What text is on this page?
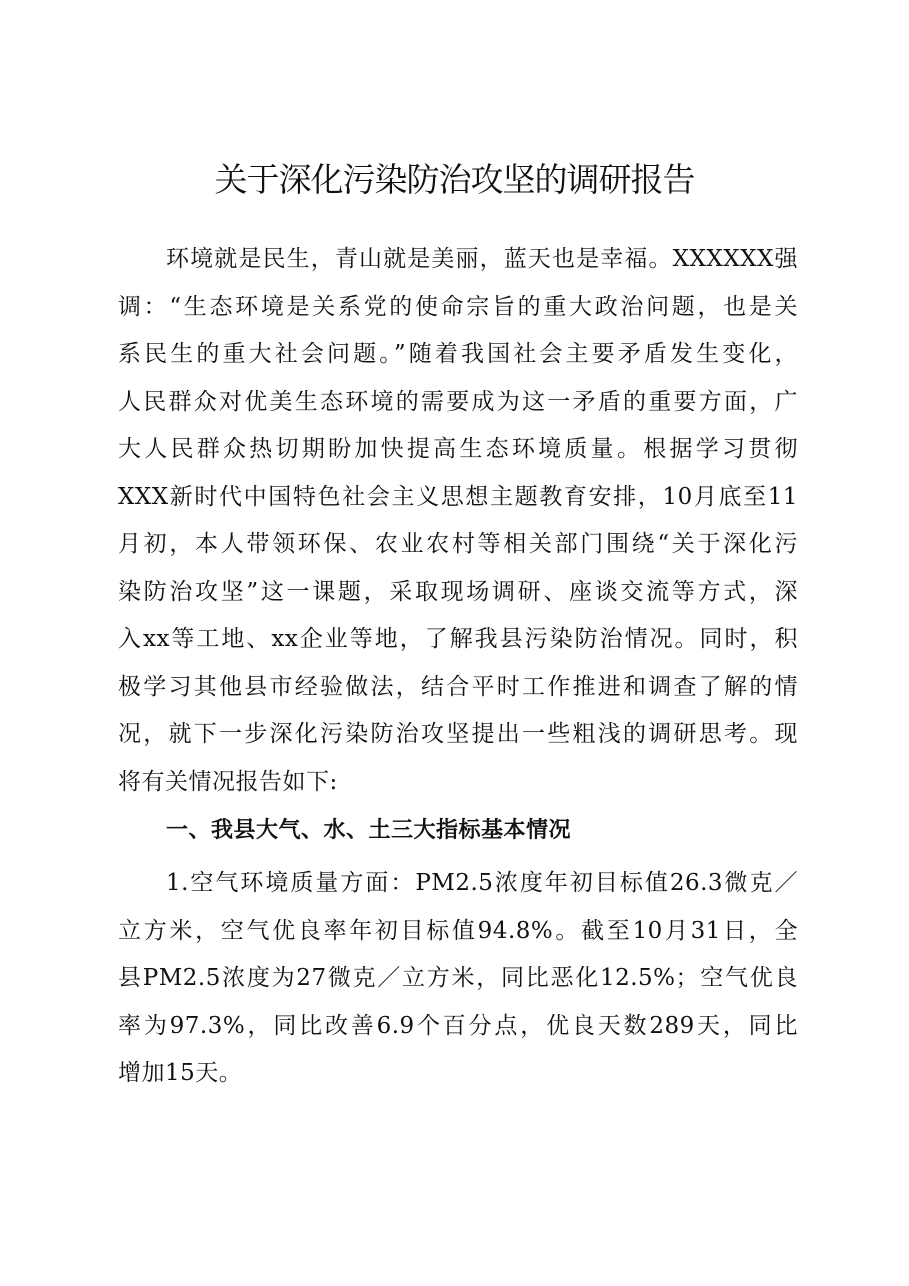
关于深化污染防治攻坚的调研报告
环境就是民生，青山就是美丽，蓝天也是幸福。XXXXXX强
调：“生态环境是关系党的使命宗旨的重大政治问题，也是关
系民生的重大社会问题。”随着我国社会主要矛盾发生变化，
人民群众对优美生态环境的需要成为这一矛盾的重要方面，广
大人民群众热切期盼加快提高生态环境质量。根据学习贯彻
XXX新时代中国特色社会主义思想主题教育安排，10月底至11
月初，本人带领环保、农业农村等相关部门围绕“关于深化污
染防治攻坚”这一课题，采取现场调研、座谈交流等方式，深
入xx等工地、xx企业等地，了解我县污染防治情况。同时，积
极学习其他县市经验做法，结合平时工作推进和调查了解的情
况，就下一步深化污染防治攻坚提出一些粗浅的调研思考。现
将有关情况报告如下:
一、我县大气、水、土三大指标基本情况
1.空气环境质量方面：PM2.5浓度年初目标值26.3微克／
立方米，空气优良率年初目标值94.8%。截至10月31日，全
县PM2.5浓度为27微克／立方米，同比恶化12.5%；空气优良
率为97.3%，同比改善6.9个百分点，优良天数289天，同比
增加15天。
